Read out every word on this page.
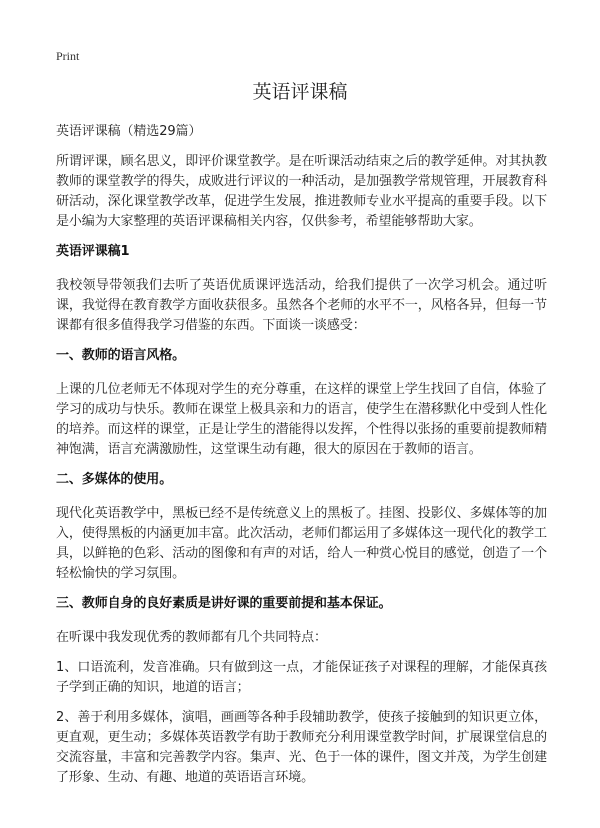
Print
英语评课稿

英语评课稿（精选29篇）

所谓评课，顾名思义，即评价课堂教学。是在听课活动结束之后的教学延伸。对其执教教师的课堂教学的得失，成败进行评议的一种活动，是加强教学常规管理，开展教育科研活动，深化课堂教学改革，促进学生发展，推进教师专业水平提高的重要手段。以下是小编为大家整理的英语评课稿相关内容，仅供参考，希望能够帮助大家。

英语评课稿1

我校领导带领我们去听了英语优质课评选活动，给我们提供了一次学习机会。通过听课，我觉得在教育教学方面收获很多。虽然各个老师的水平不一，风格各异，但每一节课都有很多值得我学习借鉴的东西。下面谈一谈感受：

一、教师的语言风格。

上课的几位老师无不体现对学生的充分尊重，在这样的课堂上学生找回了自信，体验了学习的成功与快乐。教师在课堂上极具亲和力的语言，使学生在潜移默化中受到人性化的培养。而这样的课堂，正是让学生的潜能得以发挥，个性得以张扬的重要前提教师精神饱满，语言充满激励性，这堂课生动有趣，很大的原因在于教师的语言。

二、多媒体的使用。

现代化英语教学中，黑板已经不是传统意义上的黑板了。挂图、投影仪、多媒体等的加入，使得黑板的内涵更加丰富。此次活动，老师们都运用了多媒体这一现代化的教学工具，以鲜艳的色彩、活动的图像和有声的对话，给人一种赏心悦目的感觉，创造了一个轻松愉快的学习氛围。

三、教师自身的良好素质是讲好课的重要前提和基本保证。

在听课中我发现优秀的教师都有几个共同特点：

1、口语流利，发音准确。只有做到这一点，才能保证孩子对课程的理解，才能保真孩子学到正确的知识，地道的语言；

2、善于利用多媒体，演唱，画画等各种手段辅助教学，使孩子接触到的知识更立体，更直观，更生动；多媒体英语教学有助于教师充分利用课堂教学时间，扩展课堂信息的交流容量，丰富和完善教学内容。集声、光、色于一体的课件，图文并茂，为学生创建了形象、生动、有趣、地道的英语语言环境。
